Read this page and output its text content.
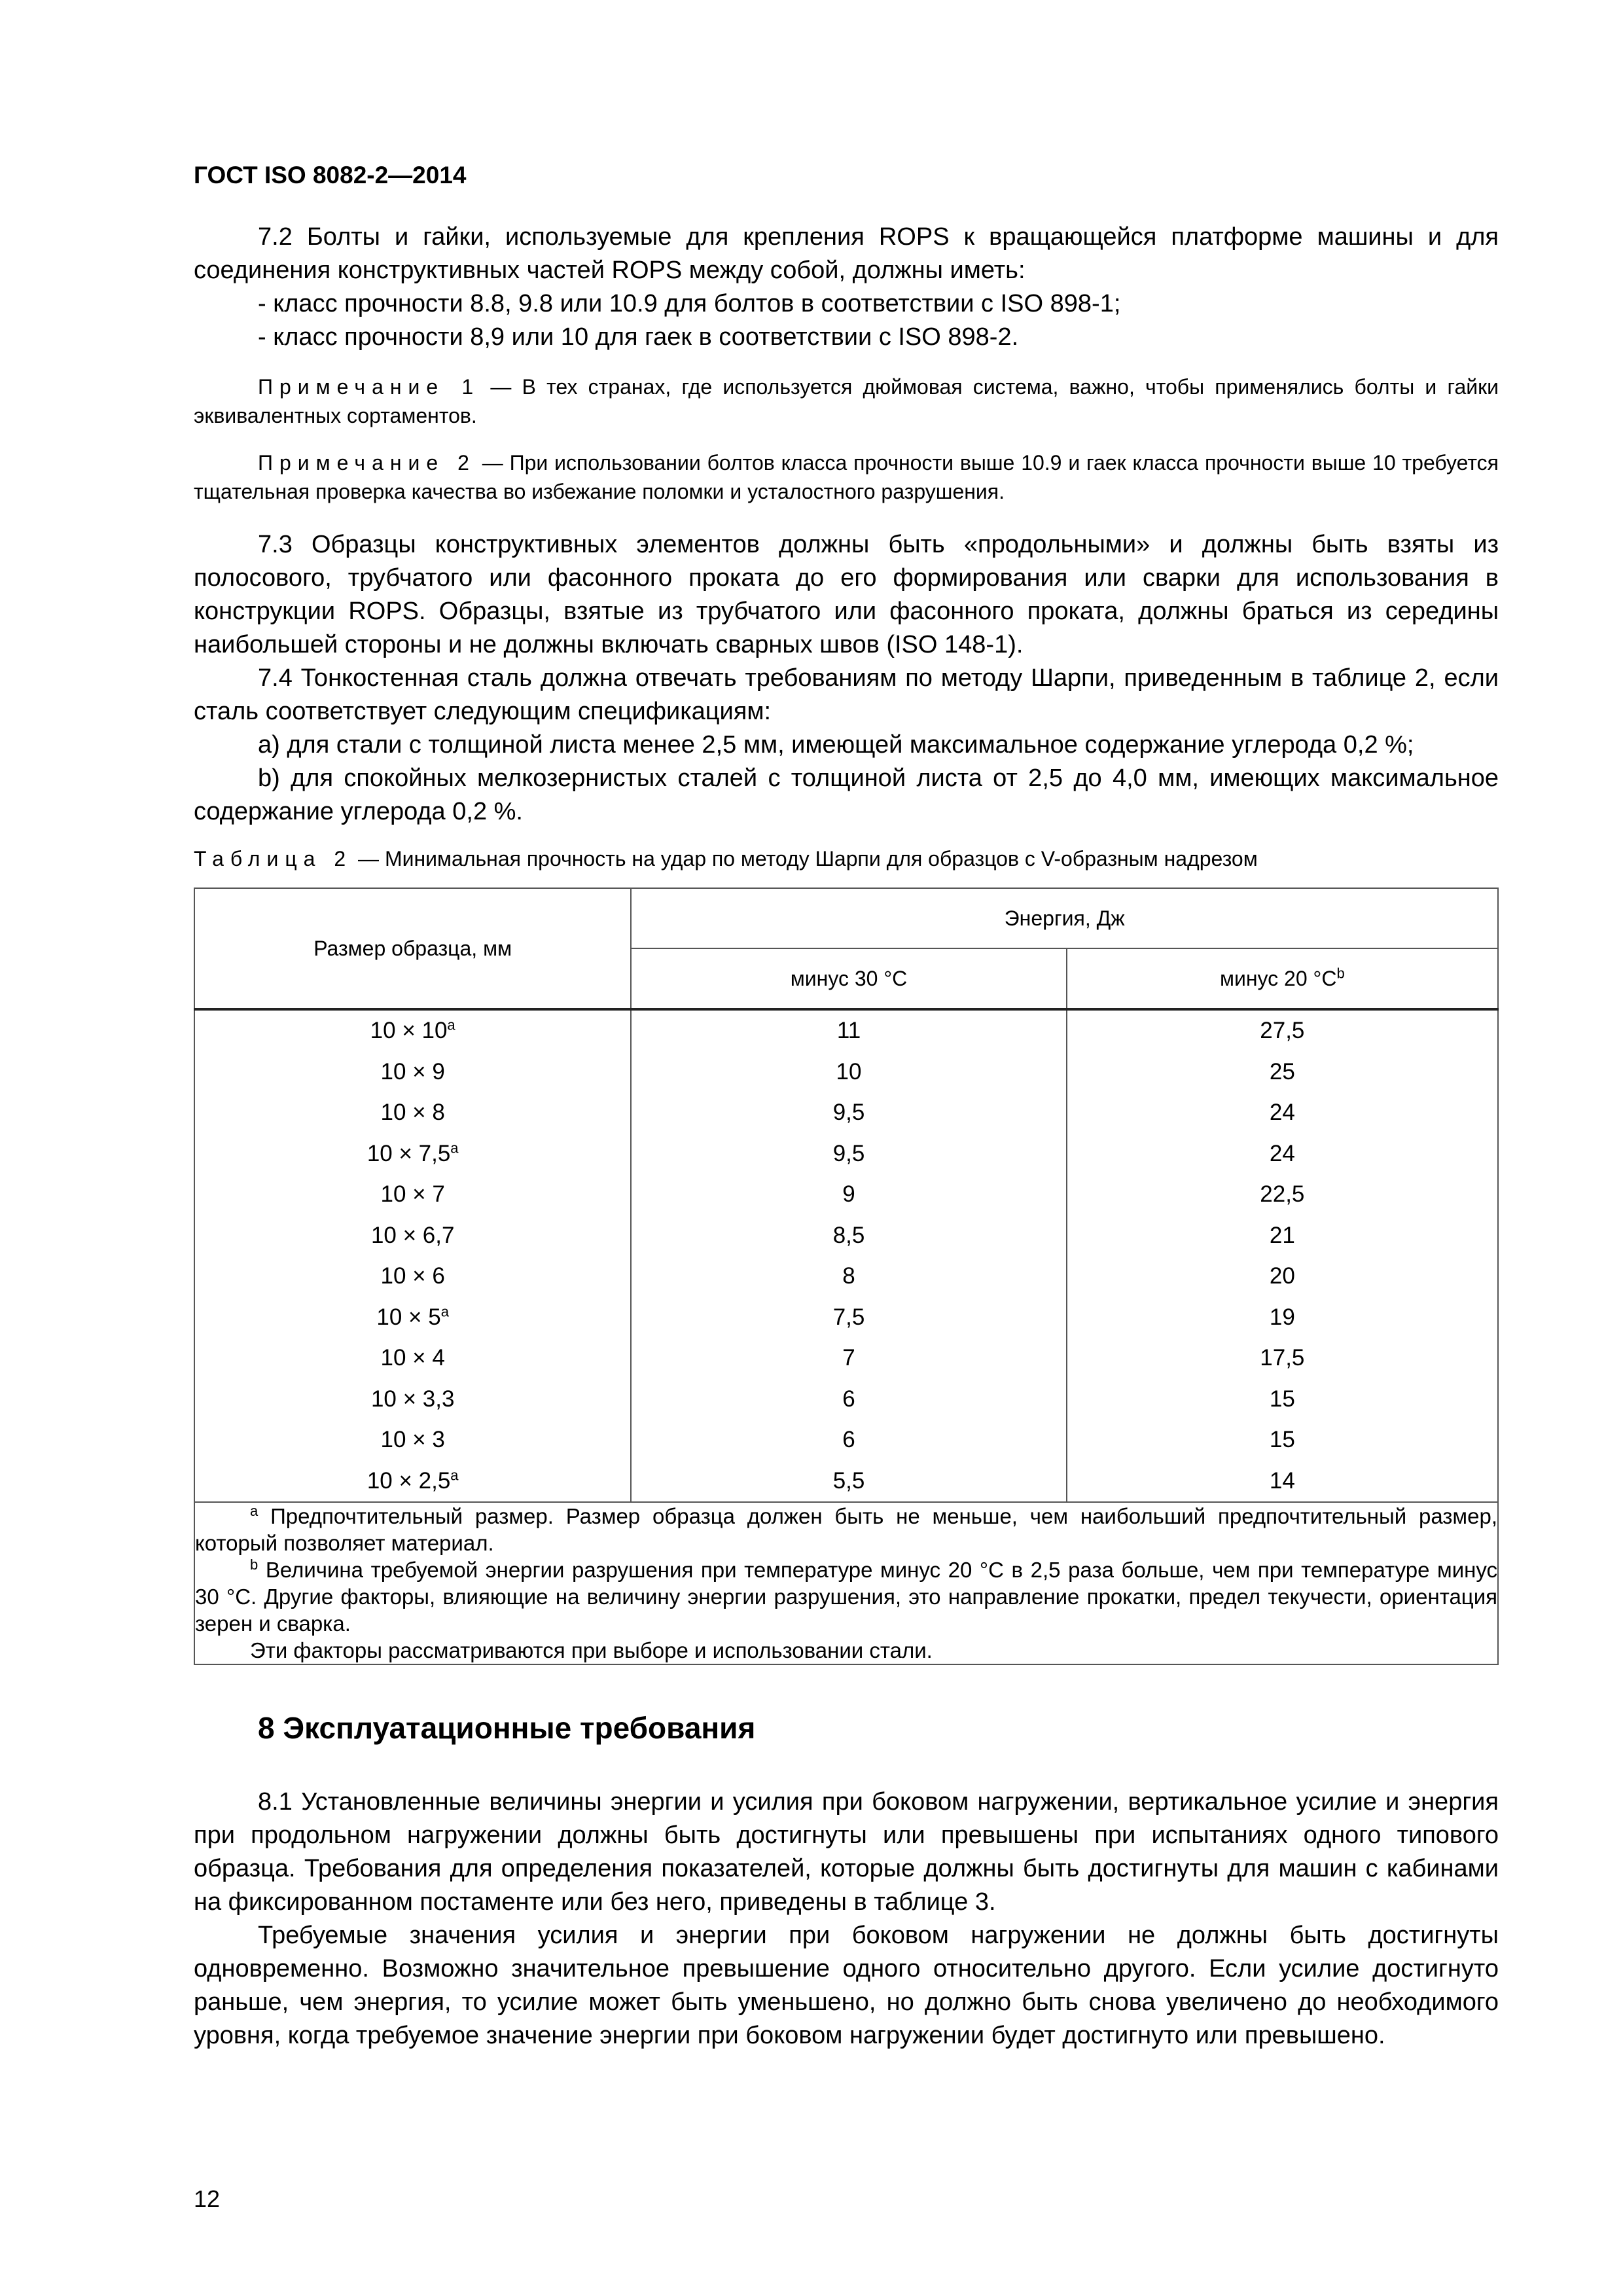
ГОСТ ISO 8082-2—2014

7.2 Болты и гайки, используемые для крепления ROPS к вращающейся платформе машины и для соединения конструктивных частей ROPS между собой, должны иметь:

- класс прочности 8.8, 9.8 или 10.9 для болтов в соответствии с ISO 898-1;

- класс прочности 8,9 или 10 для гаек в соответствии с ISO 898-2.

Примечание 1 — В тех странах, где используется дюймовая система, важно, чтобы применялись болты и гайки эквивалентных сортаментов.

Примечание 2 — При использовании болтов класса прочности выше 10.9 и гаек класса прочности выше 10 требуется тщательная проверка качества во избежание поломки и усталостного разрушения.

7.3 Образцы конструктивных элементов должны быть «продольными» и должны быть взяты из полосового, трубчатого или фасонного проката до его формирования или сварки для использования в конструкции ROPS. Образцы, взятые из трубчатого или фасонного проката, должны браться из середины наибольшей стороны и не должны включать сварных швов (ISO 148-1).

7.4 Тонкостенная сталь должна отвечать требованиям по методу Шарпи, приведенным в таблице 2, если сталь соответствует следующим спецификациям:

a) для стали с толщиной листа менее 2,5 мм, имеющей максимальное содержание углерода 0,2 %;

b) для спокойных мелкозернистых сталей с толщиной листа от 2,5 до 4,0 мм, имеющих максимальное содержание углерода 0,2 %.

Таблица 2 — Минимальная прочность на удар по методу Шарпи для образцов с V-образным надрезом
Размер образца, мм	Энергия, Дж	
	минус 30 °C	минус 20 $^\circ C^b$
$10 \times 10^a$	11	27,5
10 × 9	10	25
10 × 8	9,5	24
10 × 7,5$^a$	9,5	24
10 × 7	9	22,5
10 × 6,7	8,5	21
10 × 6	8	20
$10 \times 5^a$	7,5	19
10 × 4	7	17,5
10 × 3,3	6	15
10 × 3	6	15
10 × 2,5$^a$	5,5	14

$^a$ Предпочтительный размер. Размер образца должен быть не меньше, чем наибольший предпочтительный размер, который позволяет материал.

$^b$ Величина требуемой энергии разрушения при температуре минус 20 °C в 2,5 раза больше, чем при температуре минус 30 °C. Другие факторы, влияющие на величину энергии разрушения, это направление прокатки, предел текучести, ориентация зерен и сварка.

Эти факторы рассматриваются при выборе и использовании стали.		

8 Эксплуатационные требования

8.1 Установленные величины энергии и усилия при боковом нагружении, вертикальное усилие и энергия при продольном нагружении должны быть достигнуты или превышены при испытаниях одного типового образца. Требования для определения показателей, которые должны быть достигнуты для машин с кабинами на фиксированном постаменте или без него, приведены в таблице 3.

Требуемые значения усилия и энергии при боковом нагружении не должны быть достигнуты одновременно. Возможно значительное превышение одного относительно другого. Если усилие достигнуто раньше, чем энергия, то усилие может быть уменьшено, но должно быть снова увеличено до необходимого уровня, когда требуемое значение энергии при боковом нагружении будет достигнуто или превышено.

12
